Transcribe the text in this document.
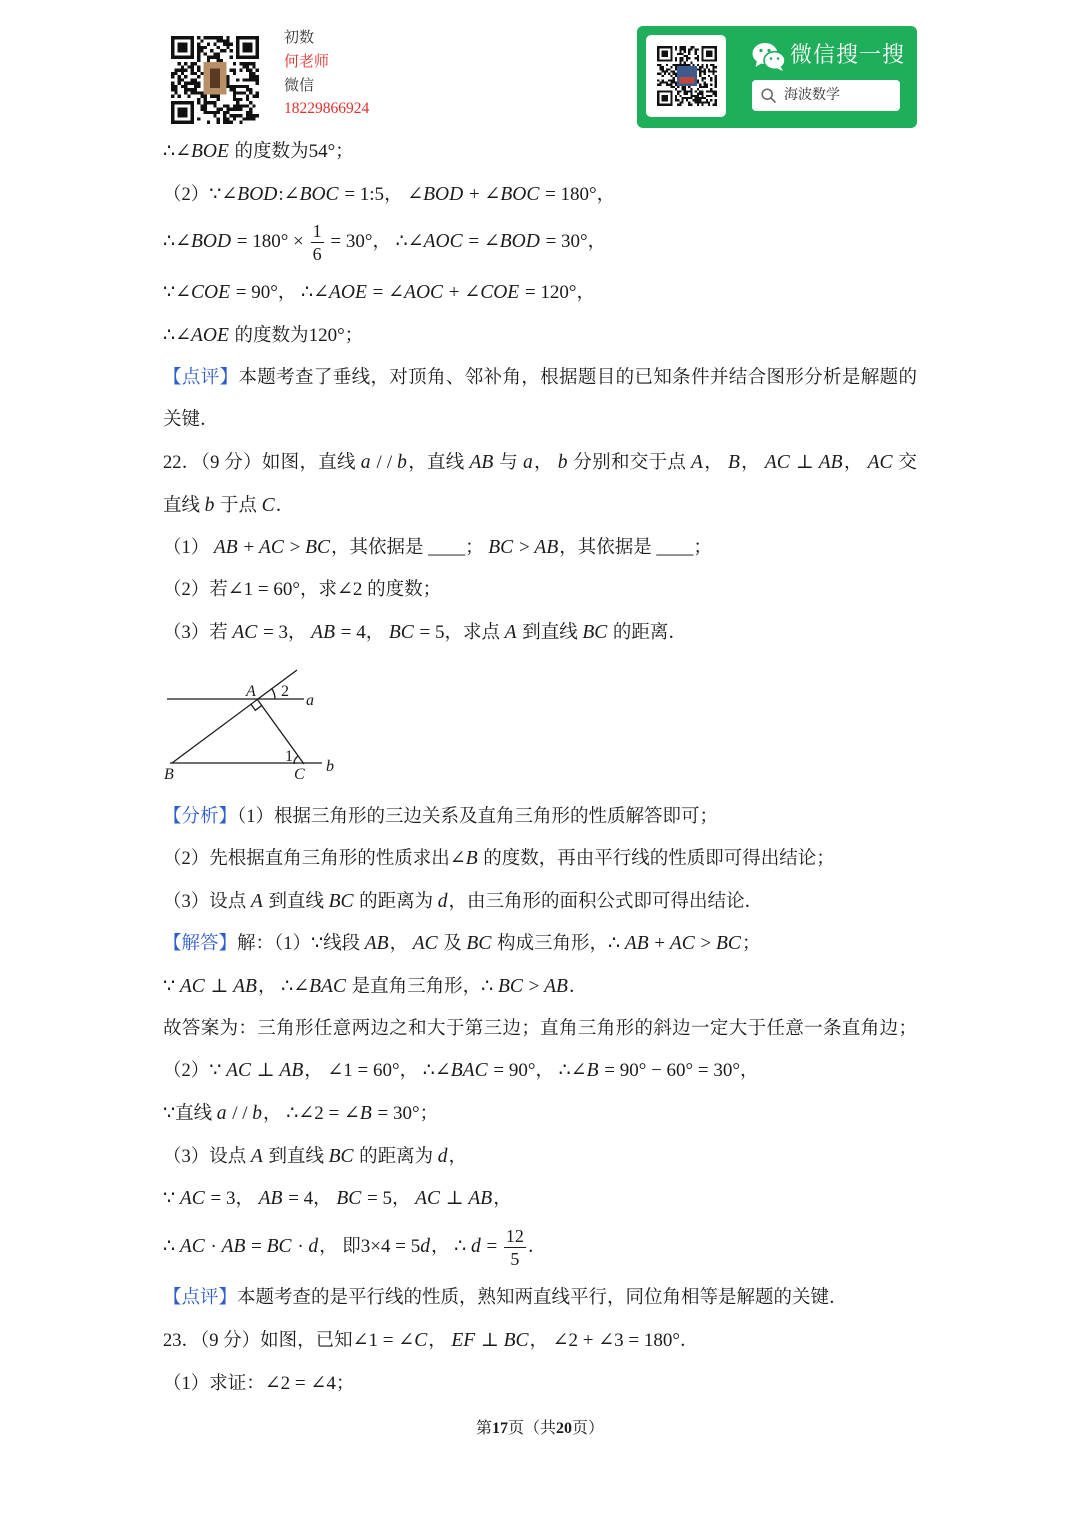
初数
何老师
微信
18229866924
微信搜一搜
海波数学
∴∠BOE 的度数为54°；
（2）∵∠BOD:∠BOC = 1:5， ∠BOD + ∠BOC = 180°，
∴∠BOD = $180^\circ \times \frac{1}{6} = 30^\circ$， ∴∠AOC = ∠BOD = 30°，
∵∠COE = 90°， ∴∠AOE = ∠AOC + ∠COE = 120°，
∴∠AOE 的度数为120°；
【点评】本题考查了垂线，对顶角、邻补角，根据题目的已知条件并结合图形分析是解题的
关键．
22．（9 分）如图，直线 a / / b，直线 AB 与 a， b 分别和交于点 A， B， AC ⊥ AB， AC 交
直线 b 于点 C．
（1） AB + AC > BC，其依据是 ____； BC > AB，其依据是 ____；
（2）若∠1 = 60°，求∠2 的度数；
（3）若 AC = 3， AB = 4， BC = 5，求点 A 到直线 BC 的距离．
【分析】（1）根据三角形的三边关系及直角三角形的性质解答即可；
（2）先根据直角三角形的性质求出∠B 的度数，再由平行线的性质即可得出结论；
（3）设点 A 到直线 BC 的距离为 d，由三角形的面积公式即可得出结论．
【解答】解：（1）∵线段 AB， AC 及 BC 构成三角形，∴ AB + AC > BC；
∵ AC ⊥ AB， ∴∠BAC 是直角三角形，∴ BC > AB．
故答案为：三角形任意两边之和大于第三边；直角三角形的斜边一定大于任意一条直角边；
（2）∵ AC ⊥ AB， ∠1 = 60°， ∴∠BAC = 90°， ∴∠B = 90° − 60° = 30°，
∵直线 a / / b， ∴∠2 = ∠B = 30°；
（3）设点 A 到直线 BC 的距离为 d，
∵ AC = 3， AB = 4， BC = 5， AC ⊥ AB，
∴ AC · AB = BC · d， 即3×4 = 5d， ∴ $d = \frac{12}{5}$ ．
【点评】本题考查的是平行线的性质，熟知两直线平行，同位角相等是解题的关键．
23．（9 分）如图，已知∠1 = ∠C， EF ⊥ BC， ∠2 + ∠3 = 180°．
（1）求证：∠2 = ∠4；
A 2
a
1
B	C b
第17页（共20页）
